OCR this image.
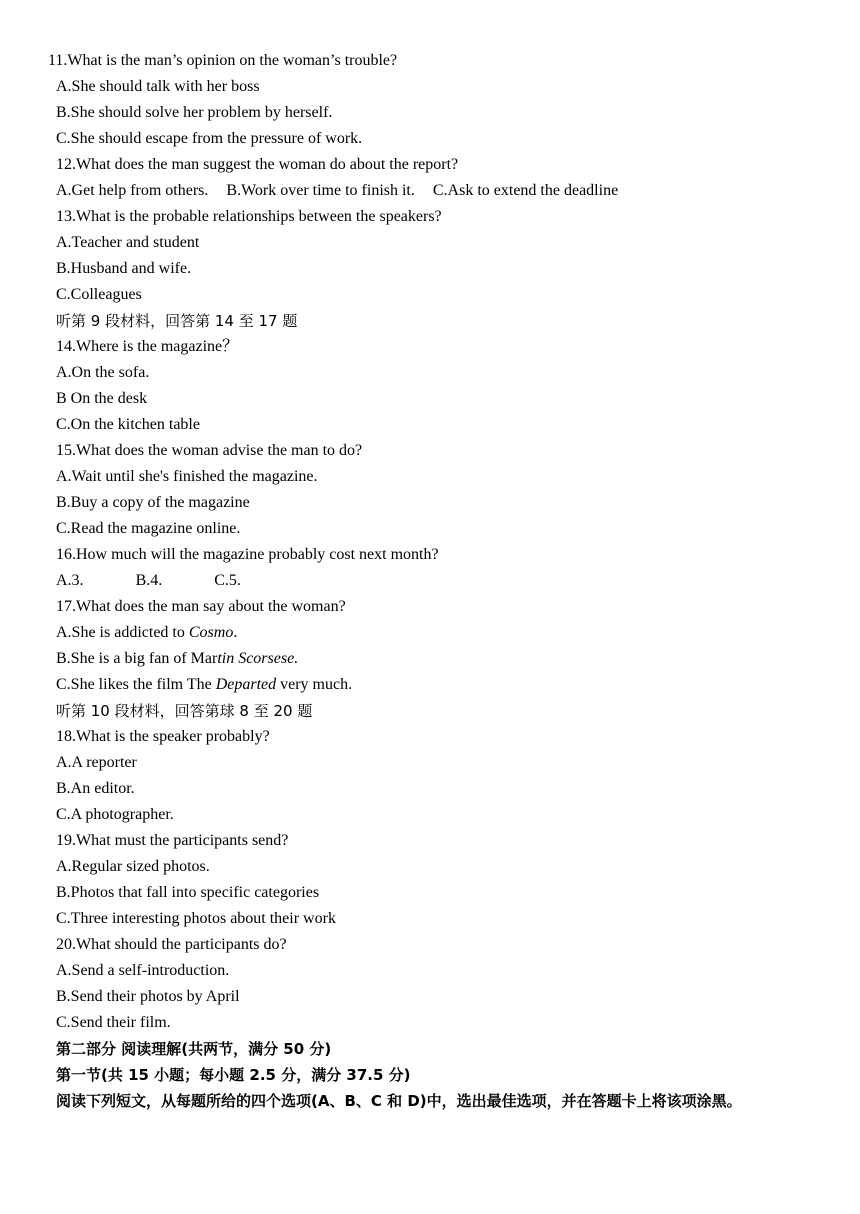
11.What is the man’s opinion on the woman’s trouble?
A.She should talk with her boss
B.She should solve her problem by herself.
C.She should escape from the pressure of work.
12.What does the man suggest the woman do about the report?
A.Get help from others. B.Work over time to finish it. C.Ask to extend the deadline
13.What is the probable relationships between the speakers?
A.Teacher and student
B.Husband and wife.
C.Colleagues
听第 9 段材料，回答第 14 至 17 题
14.Where is the magazine？
A.On the sofa.
B On the desk
C.On the kitchen table
15.What does the woman advise the man to do?
A.Wait until she's finished the magazine.
B.Buy a copy of the magazine
C.Read the magazine online.
16.How much will the magazine probably cost next month?
A.3.	B.4.	C.5.
17.What does the man say about the woman?
A.She is addicted to Cosmo.
B.She is a big fan of Martin Scorsese.
C.She likes the film The Departed very much.
听第 10 段材料，回答第球 8 至 20 题
18.What is the speaker probably?
A.A reporter
B.An editor.
C.A photographer.
19.What must the participants send?
A.Regular sized photos.
B.Photos that fall into specific categories
C.Three interesting photos about their work
20.What should the participants do?
A.Send a self-introduction.
B.Send their photos by April
C.Send their film.
第二部分 阅读理解(共两节，满分 50 分)
第一节(共 15 小题；每小题 2.5 分，满分 37.5 分)
阅读下列短文，从每题所给的四个选项(A、B、C 和 D)中，选出最佳选项，并在答题卡上将该项涂黑。
